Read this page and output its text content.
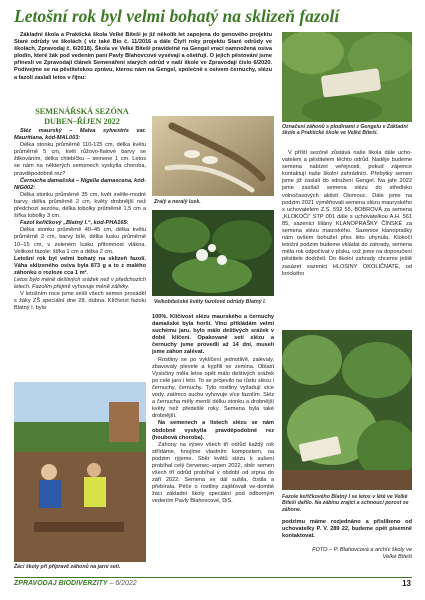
Letošní rok byl velmi bohatý na sklizeň fazolí

Základní škola a Praktická škola Velké Bíteší je již několik let zapojena do genového projektu Staré odrůdy ve školách ( viz také Bio č. 11/2016 a dále Čtyři roky projektu Staré odrůdy ve školách, Zpravodaj č. 6/2018). Škola ve Velké Bíteši pravidelně na Gengel vrací namnožená osiva plodin, které žák pod vedením paní Pavly Blahovcové vysévají a ošetřují. O jejich pěstování jsme přinesli ve Zpravodaji článek Semenáření starých odrůd v naší škole ve Zpravodaji číslo 6/2020. Podívejme se na pěstitelskou zprávu, kterou nám na Gengel, společně s osivem černuchy, slézu a fazolí zaslali letos v říjnu:

SEMENÁŘSKÁ SEZÓNA DUBEN–ŘÍJEN 2022

Sléz maurský – Malva sylvestris var. Mauritiana, kód-MAL003:

Délka stonku průměrně 110-125 cm, délka květu průměrně 5 cm, květ růžovo-fialové barvy se žilkováním, délka chlebíčku – semene 1 cm. Letos se nám na některých semenech vyskytla choroba, pravděpodobně rez?

Černucha damašská – Nigella damascena, kód-NIG002:

Délka stonku průměrně 35 cm, květ světle-modré barvy, délka průměrně 2 cm, květy drobnější než předchozí sezónu, délka tobolky průměrně 1,5 cm a šířka tobolky 3 cm.

Fazol keříčkový „Blatný I.“, kód-PHA165:

Délka stonku průměrně 40–45 cm, délka květu průměrně 2 cm, barvy bílé, délka lusku průměrně 10–15 cm, v zeleném lusku přitomnost vlákna. Velikost fazole: šířka 1 cm a délka 2 cm.

Letošní rok byl velmi bohatý na sklizeň fazolí. Váha sklizeného osiva byla 873 g a to z malého záhonku o rozloze cca 1 m².

Letos bylo méně deštivých srážek než v předchozích letech. Fazolím přejmě vyhovuje méně zálivky.

V letošním roce jsme sešli všech semen prováděl s žáky ZŠ speciální dne 28. dubna. Klíčivost fazolu Blatný I. byla

Zralý a neralý lusk.

Velkobítešské květy fazolové odrůdy Blatný I.

100%. Klíčivost slézu maurského a černuchy damašské byla horší. Vinu přikládám velmi suchému jaru, bylo málo deštivých srážek v době klíčení. Opakovaně setí slézu a černuchy jsme provedli až 14 dní, museli jsme záhon zalévat.

Rostliny se po vyklíčení jednotlivě, zalévaly, zbavovaly plevele a kypřili se zemina. Oblast Vysočiny měla letos opět málo deštivých srážek po celé jaro i léto. To se projevilo na růstu slézu i černuchy, černuchy. Tyto rostliny vyžadují více vody, zatímco suchu vyhovuje více fazolím. Sléz a černucha měly menší délku stonku a drobnější květy než předešlé roky. Semena byla také drobnější.

Na semenech a listech slézu se nám obdobně vyskytla pravděpodobně rez (houbová choroba).

Záhony na výsev všech tří odrůd každý rok střídáme, hnojíme vlastním kompostem, na podzim rýjeme. Sběr květů slézu k sušení probíhal celý červenec–srpen 2022, sběr semen všech tří odrůd probíhal v období od srpna do září 2022. Semena se dál sušila, čistila a přebírala. Péče o rostliny zajišťovali ve-domité žáci základní školy speciální pod odborným vedením Pavly Blahovcové, DiS.

Žáci školy při přípravě záhonů na jarní setí.

Označení záhonů s plodinami z Gengelu v Základní škole a Praktické škole ve Velké Bíteši.

V příští sezóně zůstává naše škola dále ucho- vatelem a pěstitelem těchto odrůd. Naděje budeme semena nabízet veřejnosti, pokud zájemce kontaktují naše školní zahrádníci. Přebytky semen jsme již zaslali do sdružení Gengel. Na jaře 2022 jsme zasílali semena slézu do středisko volnočasových aktivit Olomouc. Dále jsme na podzim 2021 vyměňovali semena slézu mauryského s uchovatelem Z.S. 592 55, BOBROVÁ za semena „KLOKOČÍ“ STP 001 dále s uchovatelkou A.H. 561 85, sazenicí liliány KLANOPRAŠKY ČÍNSKÉ za semena slézu maurského. Sazenice klanopraškу nám ovšem bohužel přes léto uhynula. Klokočí letošní podzim budeme vkládat do zahrady, semena měla rok odpočívat v písku, což jsme na doporučení pěstitele dodrželi. Do školní zahrady chceme ještě zasázet sazenici HLOSINY OKOLIČNATÉ, od lorického

Fazole keříčkového Blatný I se letos v lété ve Velké Bíteši dařilo. Na zábinu zrající a schnoucí porost se záhone.

podzimu máme rozjednáno a přislíbeno od uchovatelky P. V. 289 22, budeme opět písemně kontaktovat.

FOTO – P. Blahovcová a archív školy ve Velké Bíteši

ZPRAVODAJ BIODIVERZITY – 6/2022	13
